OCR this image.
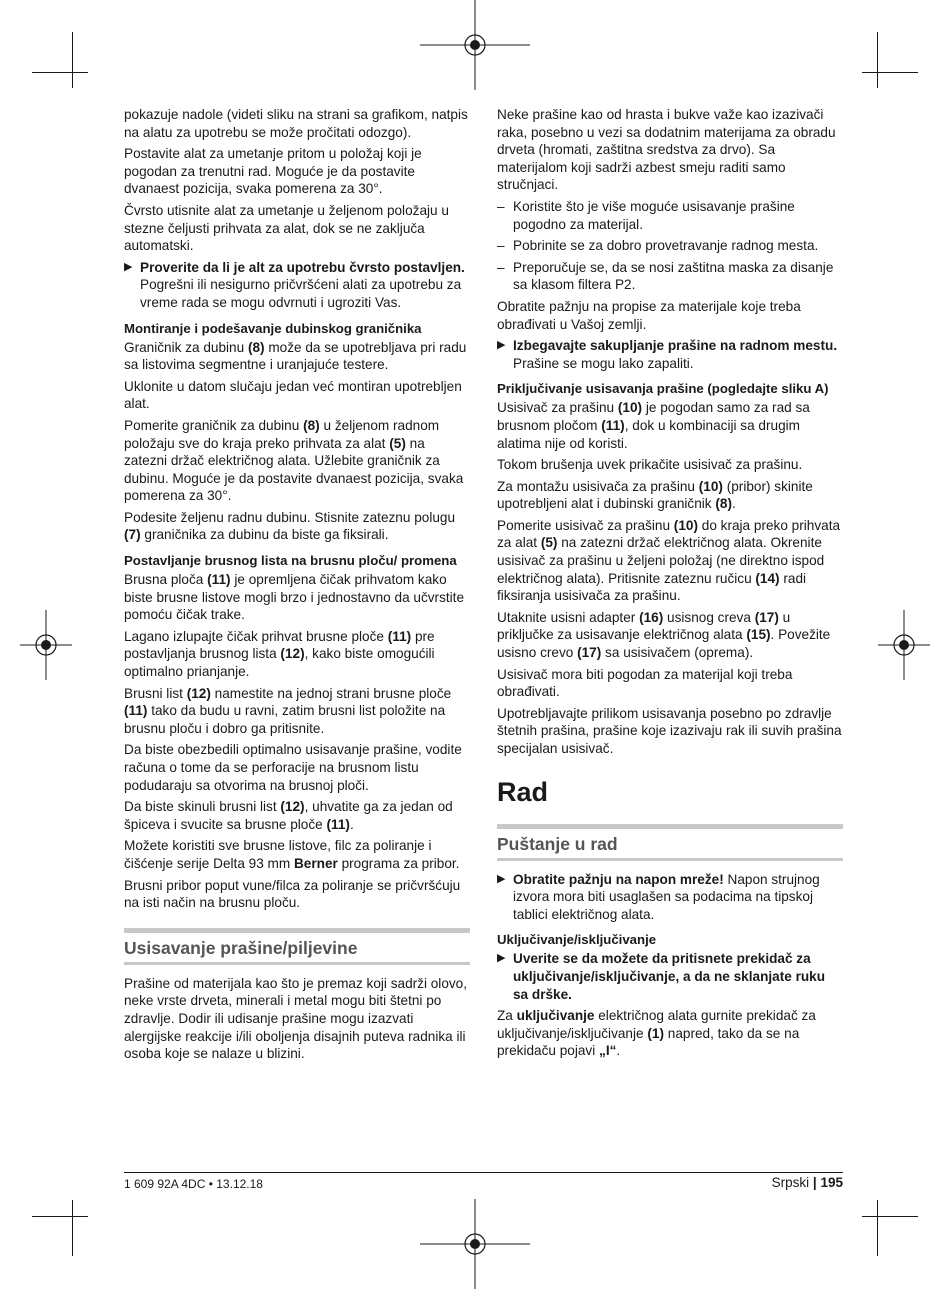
pokazuje nadole (videti sliku na strani sa grafikom, natpis na alatu za upotrebu se može pročitati odozgo).

Postavite alat za umetanje pritom u položaj koji je pogodan za trenutni rad. Moguće je da postavite dvanaest pozicija, svaka pomerena za 30°.

Čvrsto utisnite alat za umetanje u željenom položaju u stezne čeljusti prihvata za alat, dok se ne zaključa automatski.

▶ Proverite da li je alt za upotrebu čvrsto postavljen. Pogrešni ili nesigurno pričvršćeni alati za upotrebu za vreme rada se mogu odvrnuti i ugroziti Vas.

Montiranje i podešavanje dubinskog graničnika

Graničnik za dubinu (8) može da se upotrebljava pri radu sa listovima segmentne i uranjajuće testere.

Uklonite u datom slučaju jedan već montiran upotrebljen alat.

Pomerite graničnik za dubinu (8) u željenom radnom položaju sve do kraja preko prihvata za alat (5) na zatezni držač električnog alata. Užlebite graničnik za dubinu. Moguće je da postavite dvanaest pozicija, svaka pomerena za 30°.

Podesite željenu radnu dubinu. Stisnite zateznu polugu (7) graničnika za dubinu da biste ga fiksirali.

Postavljanje brusnog lista na brusnu ploču/ promena

Brusna ploča (11) je opremljena čičak prihvatom kako biste brusne listove mogli brzo i jednostavno da učvrstite pomoću čičak trake.

Lagano izlupajte čičak prihvat brusne ploče (11) pre postavljanja brusnog lista (12), kako biste omogućili optimalno prianjanje.

Brusni list (12) namestite na jednoj strani brusne ploče (11) tako da budu u ravni, zatim brusni list položite na brusnu ploču i dobro ga pritisnite.

Da biste obezbedili optimalno usisavanje prašine, vodite računa o tome da se perforacije na brusnom listu podudaraju sa otvorima na brusnoj ploči.

Da biste skinuli brusni list (12), uhvatite ga za jedan od špiceva i svucite sa brusne ploče (11).

Možete koristiti sve brusne listove, filc za poliranje i čišćenje serije Delta 93 mm Berner programa za pribor.

Brusni pribor poput vune/filca za poliranje se pričvršćuju na isti način na brusnu ploču.

Usisavanje prašine/piljevine

Prašine od materijala kao što je premaz koji sadrži olovo, neke vrste drveta, minerali i metal mogu biti štetni po zdravlje. Dodir ili udisanje prašine mogu izazvati alergijske reakcije i/ili oboljenja disajnih puteva radnika ili osoba koje se nalaze u blizini.

Neke prašine kao od hrasta i bukve važe kao izazivači raka, posebno u vezi sa dodatnim materijama za obradu drveta (hromati, zaštitna sredstva za drvo). Sa materijalom koji sadrži azbest smeju raditi samo stručnjaci.

– Koristite što je više moguće usisavanje prašine pogodno za materijal.

– Pobrinite se za dobro provetravanje radnog mesta.

– Preporučuje se, da se nosi zaštitna maska za disanje sa klasom filtera P2.

Obratite pažnju na propise za materijale koje treba obrađivati u Vašoj zemlji.

▶ Izbegavajte sakupljanje prašine na radnom mestu. Prašine se mogu lako zapaliti.

Priključivanje usisavanja prašine (pogledajte sliku A)

Usisivač za prašinu (10) je pogodan samo za rad sa brusnom pločom (11), dok u kombinaciji sa drugim alatima nije od koristi.

Tokom brušenja uvek prikačite usisivač za prašinu.

Za montažu usisivača za prašinu (10) (pribor) skinite upotrebljeni alat i dubinski graničnik (8).

Pomerite usisivač za prašinu (10) do kraja preko prihvata za alat (5) na zatezni držač električnog alata. Okrenite usisivač za prašinu u željeni položaj (ne direktno ispod električnog alata). Pritisnite zateznu ručicu (14) radi fiksiranja usisivača za prašinu.

Utaknite usisni adapter (16) usisnog creva (17) u priključke za usisavanje električnog alata (15). Povežite usisno crevo (17) sa usisivačem (oprema).

Usisivač mora biti pogodan za materijal koji treba obrađivati.

Upotrebljavajte prilikom usisavanja posebno po zdravlje štetnih prašina, prašine koje izazivaju rak ili suvih prašina specijalan usisivač.

Rad
Puštanje u rad

▶ Obratite pažnju na napon mreže! Napon strujnog izvora mora biti usaglašen sa podacima na tipskoj tablici električnog alata.

Uključivanje/isključivanje

▶ Uverite se da možete da pritisnete prekidač za uključivanje/isključivanje, a da ne sklanjate ruku sa drške.

Za uključivanje električnog alata gurnite prekidač za uključivanje/isključivanje (1) napred, tako da se na prekidaču pojavi „I“.

1 609 92A 4DC • 13.12.18	Srpski | 195
